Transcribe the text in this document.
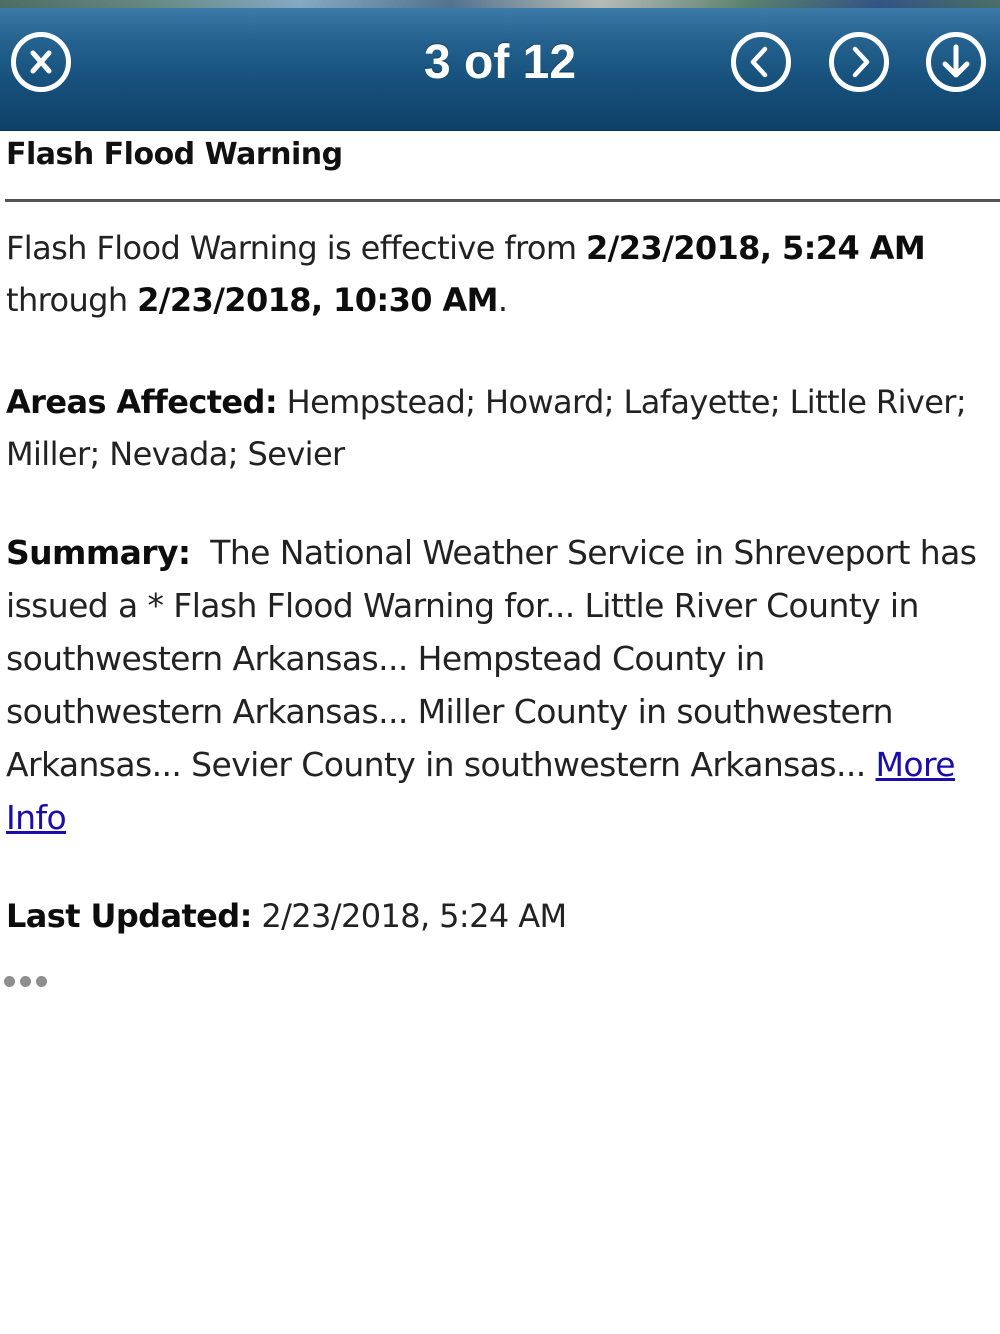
3 of 12
Flash Flood Warning

Flash Flood Warning is effective from 2/23/2018, 5:24 AM through 2/23/2018, 10:30 AM.

Areas Affected: Hempstead; Howard; Lafayette; Little River; Miller; Nevada; Sevier

Summary:  The National Weather Service in Shreveport has issued a * Flash Flood Warning for... Little River County in southwestern Arkansas... Hempstead County in southwestern Arkansas... Miller County in southwestern Arkansas... Sevier County in southwestern Arkansas... More Info

Last Updated: 2/23/2018, 5:24 AM
